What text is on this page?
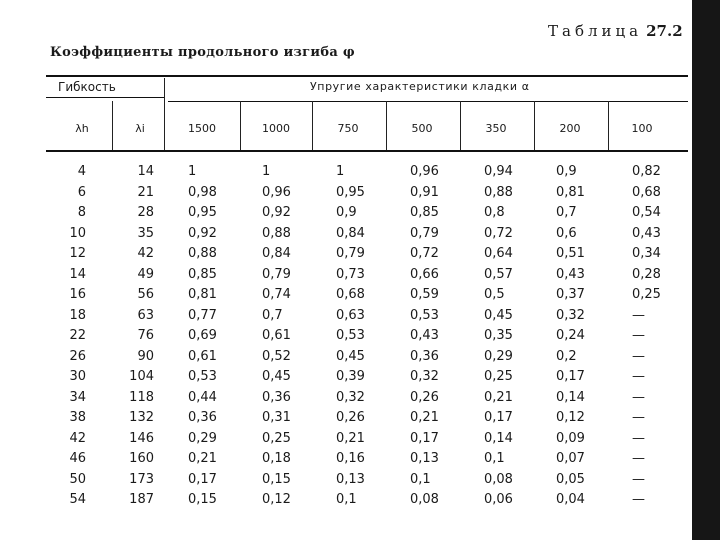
Таблица 27.2
Коэффициенты продольного изгиба φ
Гибкость	Упругие характеристики кладки α
λh	λi	1500	1000	750	500	350	200	100
4	14	1	1	1	0,96	0,94	0,9	0,82
6	21	0,98	0,96	0,95	0,91	0,88	0,81	0,68
8	28	0,95	0,92	0,9	0,85	0,8	0,7	0,54
10	35	0,92	0,88	0,84	0,79	0,72	0,6	0,43
12	42	0,88	0,84	0,79	0,72	0,64	0,51	0,34
14	49	0,85	0,79	0,73	0,66	0,57	0,43	0,28
16	56	0,81	0,74	0,68	0,59	0,5	0,37	0,25
18	63	0,77	0,7	0,63	0,53	0,45	0,32	—
22	76	0,69	0,61	0,53	0,43	0,35	0,24	—
26	90	0,61	0,52	0,45	0,36	0,29	0,2	—
30	104	0,53	0,45	0,39	0,32	0,25	0,17	—
34	118	0,44	0,36	0,32	0,26	0,21	0,14	—
38	132	0,36	0,31	0,26	0,21	0,17	0,12	—
42	146	0,29	0,25	0,21	0,17	0,14	0,09	—
46	160	0,21	0,18	0,16	0,13	0,1	0,07	—
50	173	0,17	0,15	0,13	0,1	0,08	0,05	—
54	187	0,15	0,12	0,1	0,08	0,06	0,04	—
